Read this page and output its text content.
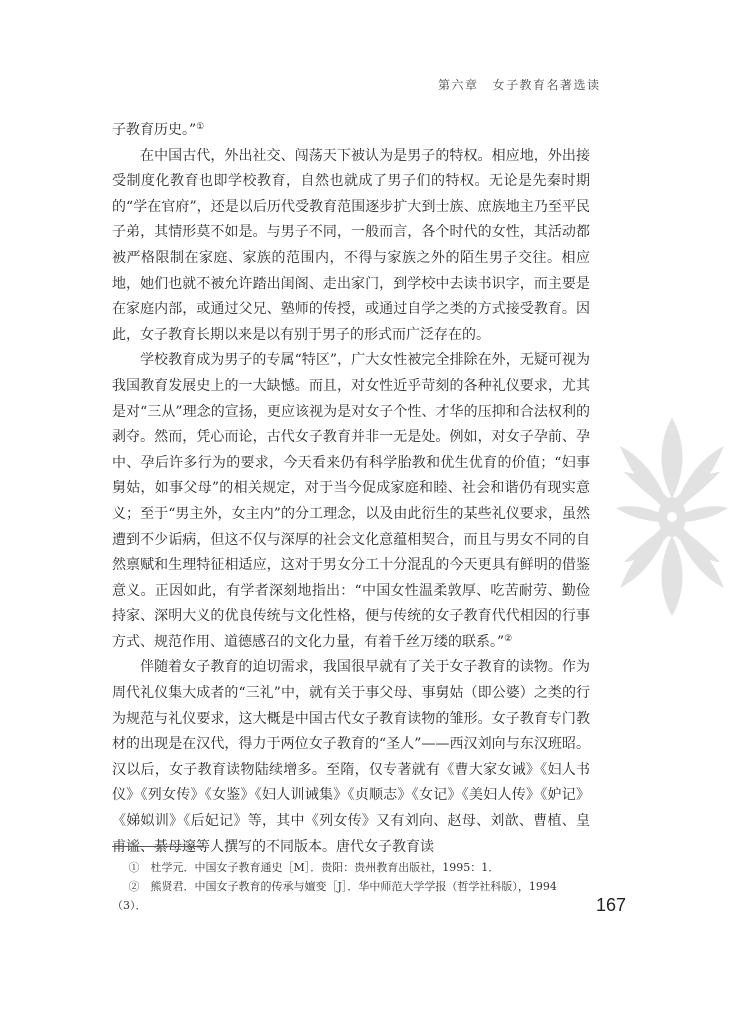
第六章 女子教育名著选读

子教育历史。”①

在中国古代，外出社交、闯荡天下被认为是男子的特权。相应地，外出接受制度化教育也即学校教育，自然也就成了男子们的特权。无论是先秦时期的“学在官府”，还是以后历代受教育范围逐步扩大到士族、庶族地主乃至平民子弟，其情形莫不如是。与男子不同，一般而言，各个时代的女性，其活动都被严格限制在家庭、家族的范围内，不得与家族之外的陌生男子交往。相应地，她们也就不被允许踏出闺阁、走出家门，到学校中去读书识字，而主要是在家庭内部，或通过父兄、塾师的传授，或通过自学之类的方式接受教育。因此，女子教育长期以来是以有别于男子的形式而广泛存在的。

学校教育成为男子的专属“特区”，广大女性被完全排除在外，无疑可视为我国教育发展史上的一大缺憾。而且，对女性近乎苛刻的各种礼仪要求，尤其是对“三从”理念的宣扬，更应该视为是对女子个性、才华的压抑和合法权利的剥夺。然而，凭心而论，古代女子教育并非一无是处。例如，对女子孕前、孕中、孕后许多行为的要求，今天看来仍有科学胎教和优生优育的价值；“妇事舅姑，如事父母”的相关规定，对于当今促成家庭和睦、社会和谐仍有现实意义；至于“男主外，女主内”的分工理念，以及由此衍生的某些礼仪要求，虽然遭到不少诟病，但这不仅与深厚的社会文化意蕴相契合，而且与男女不同的自然禀赋和生理特征相适应，这对于男女分工十分混乱的今天更具有鲜明的借鉴意义。正因如此，有学者深刻地指出：“中国女性温柔敦厚、吃苦耐劳、勤俭持家、深明大义的优良传统与文化性格，便与传统的女子教育代代相因的行事方式、规范作用、道德感召的文化力量，有着千丝万缕的联系。”②

伴随着女子教育的迫切需求，我国很早就有了关于女子教育的读物。作为周代礼仪集大成者的“三礼”中，就有关于事父母、事舅姑（即公婆）之类的行为规范与礼仪要求，这大概是中国古代女子教育读物的雏形。女子教育专门教材的出现是在汉代，得力于两位女子教育的“圣人”——西汉刘向与东汉班昭。汉以后，女子教育读物陆续增多。至隋，仅专著就有《曹大家女诫》《妇人书仪》《列女传》《女鉴》《妇人训诫集》《贞顺志》《女记》《美妇人传》《妒记》《娣姒训》《后妃记》等，其中《列女传》又有刘向、赵母、刘歆、曹植、皇甫谧、綦母邃等人撰写的不同版本。唐代女子教育读

①　杜学元．中国女子教育通史［M］．贵阳：贵州教育出版社，1995：1．

②　熊贤君．中国女子教育的传承与嬗变［J］．华中师范大学学报（哲学社科版），1994（3）．	167
